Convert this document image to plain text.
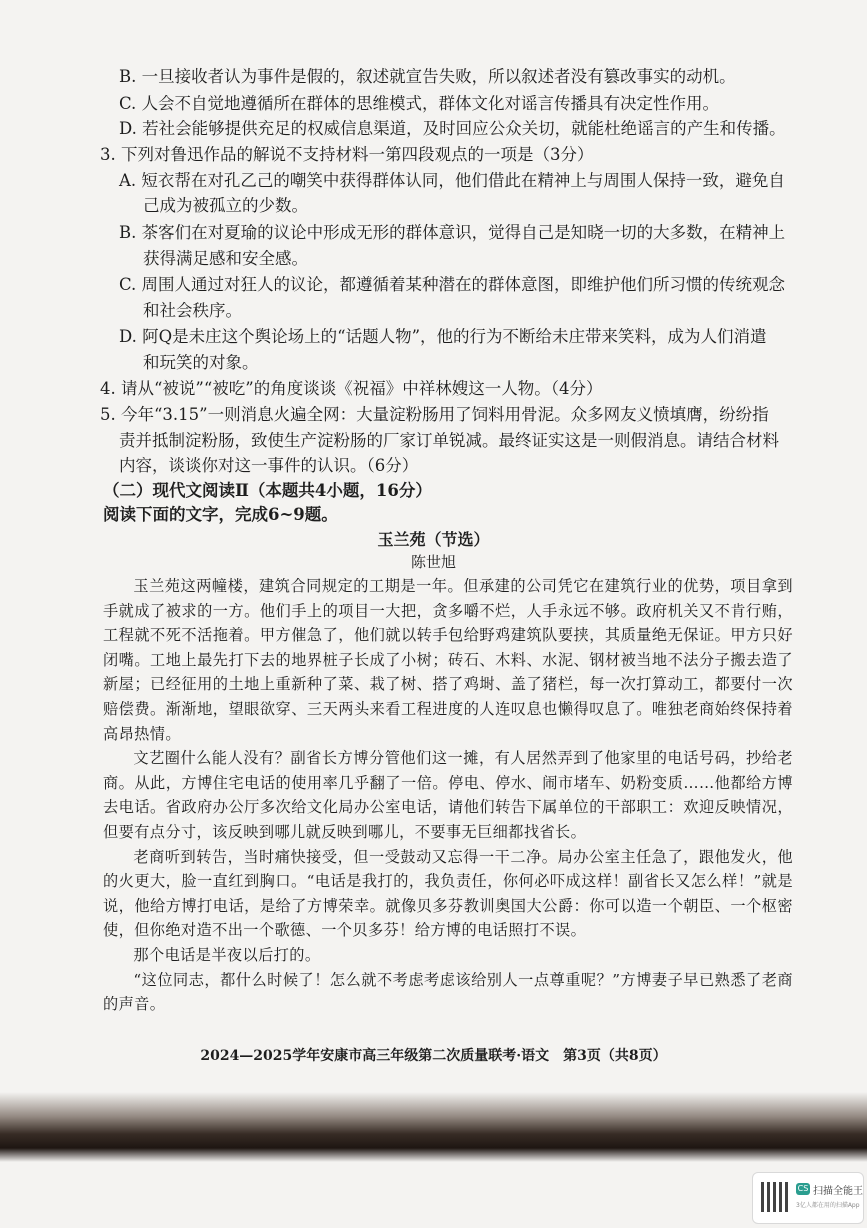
B. 一旦接收者认为事件是假的，叙述就宣告失败，所以叙述者没有篡改事实的动机。
C. 人会不自觉地遵循所在群体的思维模式，群体文化对谣言传播具有决定性作用。
D. 若社会能够提供充足的权威信息渠道，及时回应公众关切，就能杜绝谣言的产生和传播。
3. 下列对鲁迅作品的解说不支持材料一第四段观点的一项是（3分）
A. 短衣帮在对孔乙己的嘲笑中获得群体认同，他们借此在精神上与周围人保持一致，避免自
己成为被孤立的少数。
B. 茶客们在对夏瑜的议论中形成无形的群体意识，觉得自己是知晓一切的大多数，在精神上
获得满足感和安全感。
C. 周围人通过对狂人的议论，都遵循着某种潜在的群体意图，即维护他们所习惯的传统观念
和社会秩序。
D. 阿Q是未庄这个舆论场上的“话题人物”，他的行为不断给未庄带来笑料，成为人们消遣
和玩笑的对象。
4. 请从“被说”“被吃”的角度谈谈《祝福》中祥林嫂这一人物。（4分）
5. 今年“3.15”一则消息火遍全网：大量淀粉肠用了饲料用骨泥。众多网友义愤填膺，纷纷指
责并抵制淀粉肠，致使生产淀粉肠的厂家订单锐减。最终证实这是一则假消息。请结合材料
内容，谈谈你对这一事件的认识。（6分）
（二）现代文阅读Ⅱ（本题共4小题，16分）
阅读下面的文字，完成6~9题。
玉兰苑（节选）
陈世旭

玉兰苑这两幢楼，建筑合同规定的工期是一年。但承建的公司凭它在建筑行业的优势，项目拿到手就成了被求的一方。他们手上的项目一大把，贪多嚼不烂，人手永远不够。政府机关又不肯行贿，工程就不死不活拖着。甲方催急了，他们就以转手包给野鸡建筑队要挟，其质量绝无保证。甲方只好闭嘴。工地上最先打下去的地界桩子长成了小树；砖石、木料、水泥、钢材被当地不法分子搬去造了新屋；已经征用的土地上重新种了菜、栽了树、搭了鸡埘、盖了猪栏，每一次打算动工，都要付一次赔偿费。渐渐地，望眼欲穿、三天两头来看工程进度的人连叹息也懒得叹息了。唯独老商始终保持着高昂热情。

文艺圈什么能人没有？副省长方博分管他们这一摊，有人居然弄到了他家里的电话号码，抄给老商。从此，方博住宅电话的使用率几乎翻了一倍。停电、停水、闹市堵车、奶粉变质……他都给方博去电话。省政府办公厅多次给文化局办公室电话，请他们转告下属单位的干部职工：欢迎反映情况，但要有点分寸，该反映到哪儿就反映到哪儿，不要事无巨细都找省长。

老商听到转告，当时痛快接受，但一受鼓动又忘得一干二净。局办公室主任急了，跟他发火，他的火更大，脸一直红到胸口。“电话是我打的，我负责任，你何必吓成这样！副省长又怎么样！”就是说，他给方博打电话，是给了方博荣幸。就像贝多芬教训奥国大公爵：你可以造一个朝臣、一个枢密使，但你绝对造不出一个歌德、一个贝多芬！给方博的电话照打不误。

那个电话是半夜以后打的。

“这位同志，都什么时候了！怎么就不考虑考虑该给别人一点尊重呢？”方博妻子早已熟悉了老商的声音。

2024—2025学年安康市高三年级第二次质量联考·语文　第3页（共8页）
CS 扫描全能王
3亿人都在用的扫描App
